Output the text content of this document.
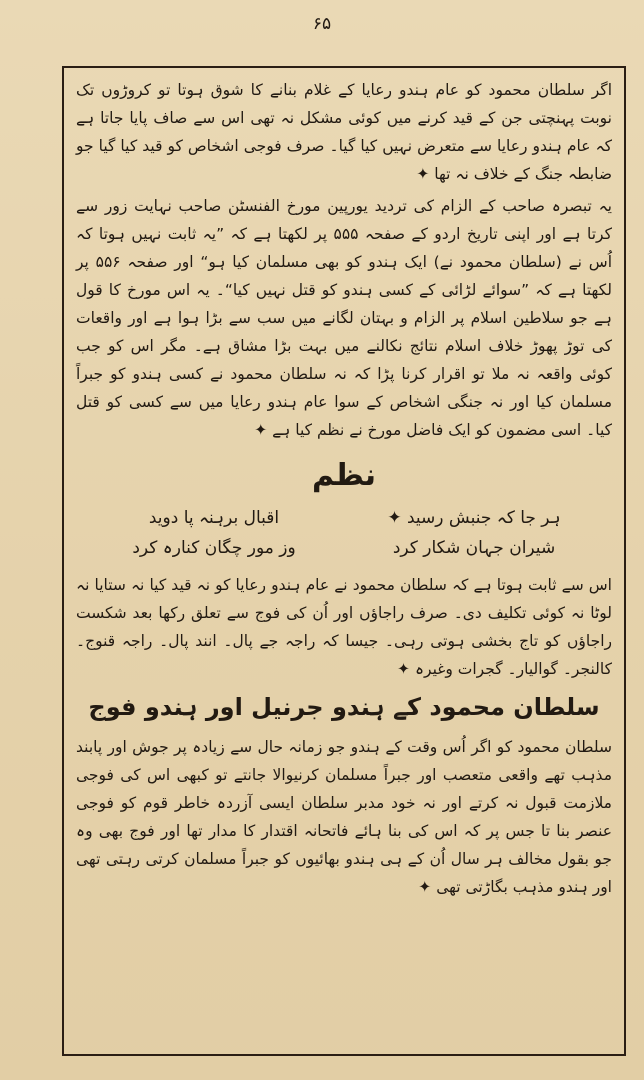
۶۵

اگر سلطان محمود کو عام ہندو رعایا کے غلام بنانے کا شوق ہوتا تو کروڑوں تک نوبت پہنچتی جن کے قید کرنے میں کوئی مشکل نہ تھی اس سے صاف پایا جاتا ہے کہ عام ہندو رعایا سے متعرض نہیں کیا گیا۔ صرف فوجی اشخاص کو قید کیا گیا جو ضابطہ جنگ کے خلاف نہ تھا ✦

یہ تبصرہ صاحب کے الزام کی تردید یورپین مورخ الفنسٹن صاحب نہایت زور سے کرتا ہے اور اپنی تاریخ اردو کے صفحہ ۵۵۵ پر لکھتا ہے کہ ”یہ ثابت نہیں ہوتا کہ اُس نے (سلطان محمود نے) ایک ہندو کو بھی مسلمان کیا ہو“ اور صفحہ ۵۵۶ پر لکھتا ہے کہ ”سوائے لڑائی کے کسی ہندو کو قتل نہیں کیا“۔ یہ اس مورخ کا قول ہے جو سلاطین اسلام پر الزام و بہتان لگانے میں سب سے بڑا ہوا ہے اور واقعات کی توڑ پھوڑ خلاف اسلام نتائج نکالنے میں بہت بڑا مشاق ہے۔ مگر اس کو جب کوئی واقعہ نہ ملا تو اقرار کرنا پڑا کہ نہ سلطان محمود نے کسی ہندو کو جبراً مسلمان کیا اور نہ جنگی اشخاص کے سوا عام ہندو رعایا میں سے کسی کو قتل کیا۔ اسی مضمون کو ایک فاضل مورخ نے نظم کیا ہے ✦

نظم
ہر جا کہ جنبش رسید ✦
اقبال برہنہ پا دوید
شیران جہان شکار کرد
وز مور چگان کنارہ کرد

اس سے ثابت ہوتا ہے کہ سلطان محمود نے عام ہندو رعایا کو نہ قید کیا نہ ستایا نہ لوٹا نہ کوئی تکلیف دی۔ صرف راجاؤں اور اُن کی فوج سے تعلق رکھا بعد شکست راجاؤں کو تاج بخشی ہوتی رہی۔ جیسا کہ راجہ جے پال۔ انند پال۔ راجہ قنوج۔ کالنجر۔ گوالیار۔ گجرات وغیرہ ✦

سلطان محمود کے ہندو جرنیل اور ہندو فوج

سلطان محمود کو اگر اُس وقت کے ہندو جو زمانہ حال سے زیادہ پر جوش اور پابند مذہب تھے واقعی متعصب اور جبراً مسلمان کرنیوالا جانتے تو کبھی اس کی فوجی ملازمت قبول نہ کرتے اور نہ خود مدبر سلطان ایسی آزردہ خاطر قوم کو فوجی عنصر بنا تا جس پر کہ اس کی بنا ہائے فاتحانہ اقتدار کا مدار تھا اور فوج بھی وہ جو بقول مخالف ہر سال اُن کے ہی ہندو بھائیوں کو جبراً مسلمان کرتی رہتی تھی اور ہندو مذہب بگاڑتی تھی ✦
